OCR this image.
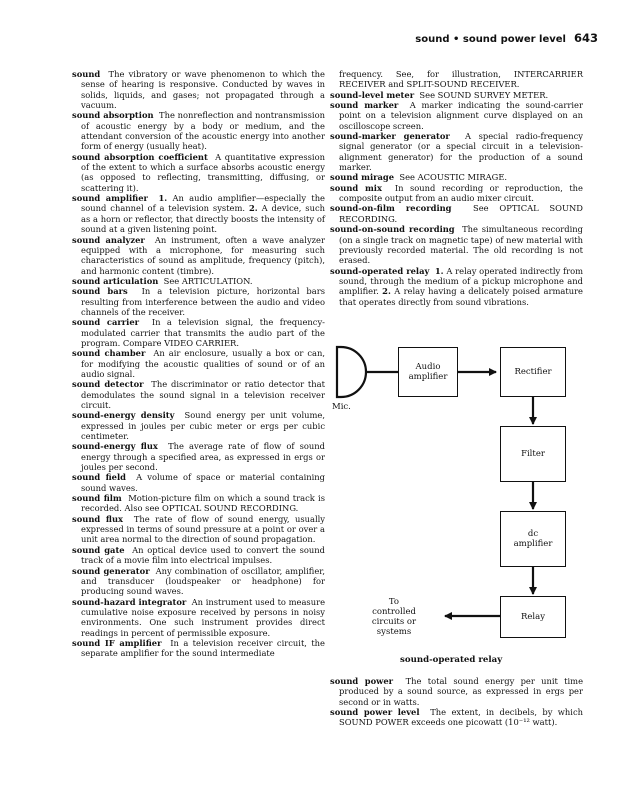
sound • sound power level 643

sound The vibratory or wave phenomenon to which the sense of hearing is responsive. Conducted by waves in solids, liquids, and gases; not propagated through a vacuum.

sound absorption The nonreflection and nontransmission of acoustic energy by a body or medium, and the attendant conversion of the acoustic energy into another form of energy (usually heat).

sound absorption coefficient A quantitative expression of the extent to which a surface absorbs acoustic energy (as opposed to reflecting, transmitting, diffusing, or scattering it).

sound amplifier 1. An audio amplifier—especially the sound channel of a television system. 2. A device, such as a horn or reflector, that directly boosts the intensity of sound at a given listening point.

sound analyzer An instrument, often a wave analyzer equipped with a microphone, for measuring such characteristics of sound as amplitude, frequency (pitch), and harmonic content (timbre).

sound articulation See ARTICULATION.

sound bars In a television picture, horizontal bars resulting from interference between the audio and video channels of the receiver.

sound carrier In a television signal, the frequency-modulated carrier that transmits the audio part of the program. Compare VIDEO CARRIER.

sound chamber An air enclosure, usually a box or can, for modifying the acoustic qualities of sound or of an audio signal.

sound detector The discriminator or ratio detector that demodulates the sound signal in a television receiver circuit.

sound-energy density Sound energy per unit volume, expressed in joules per cubic meter or ergs per cubic centimeter.

sound-energy flux The average rate of flow of sound energy through a specified area, as expressed in ergs or joules per second.

sound field A volume of space or material containing sound waves.

sound film Motion-picture film on which a sound track is recorded. Also see OPTICAL SOUND RECORDING.

sound flux The rate of flow of sound energy, usually expressed in terms of sound pressure at a point or over a unit area normal to the direction of sound propagation.

sound gate An optical device used to convert the sound track of a movie film into electrical impulses.

sound generator Any combination of oscillator, amplifier, and transducer (loudspeaker or headphone) for producing sound waves.

sound-hazard integrator An instrument used to measure cumulative noise exposure received by persons in noisy environments. One such instrument provides direct readings in percent of permissible exposure.

sound IF amplifier In a television receiver circuit, the separate amplifier for the sound intermediate

frequency. See, for illustration, INTERCARRIER RECEIVER and SPLIT-SOUND RECEIVER.

sound-level meter See SOUND SURVEY METER.

sound marker A marker indicating the sound-carrier point on a television alignment curve displayed on an oscilloscope screen.

sound-marker generator A special radio-frequency signal generator (or a special circuit in a television-alignment generator) for the production of a sound marker.

sound mirage See ACOUSTIC MIRAGE.

sound mix In sound recording or reproduction, the composite output from an audio mixer circuit.

sound-on-film recording	See OPTICAL SOUND RECORDING.

sound-on-sound recording The simultaneous recording (on a single track on magnetic tape) of new material with previously recorded material. The old recording is not erased.

sound-operated relay 1. A relay operated indirectly from sound, through the medium of a pickup microphone and amplifier. 2. A relay having a delicately poised armature that operates directly from sound vibrations.

Mic.
Audio amplifier	Rectifier
Filter
dc amplifier
Relay
To controlled circuits or systems
sound-operated relay

sound power The total sound energy per unit time produced by a sound source, as expressed in ergs per second or in watts.

sound power level The extent, in decibels, by which SOUND POWER exceeds one picowatt (10⁻¹² watt).
